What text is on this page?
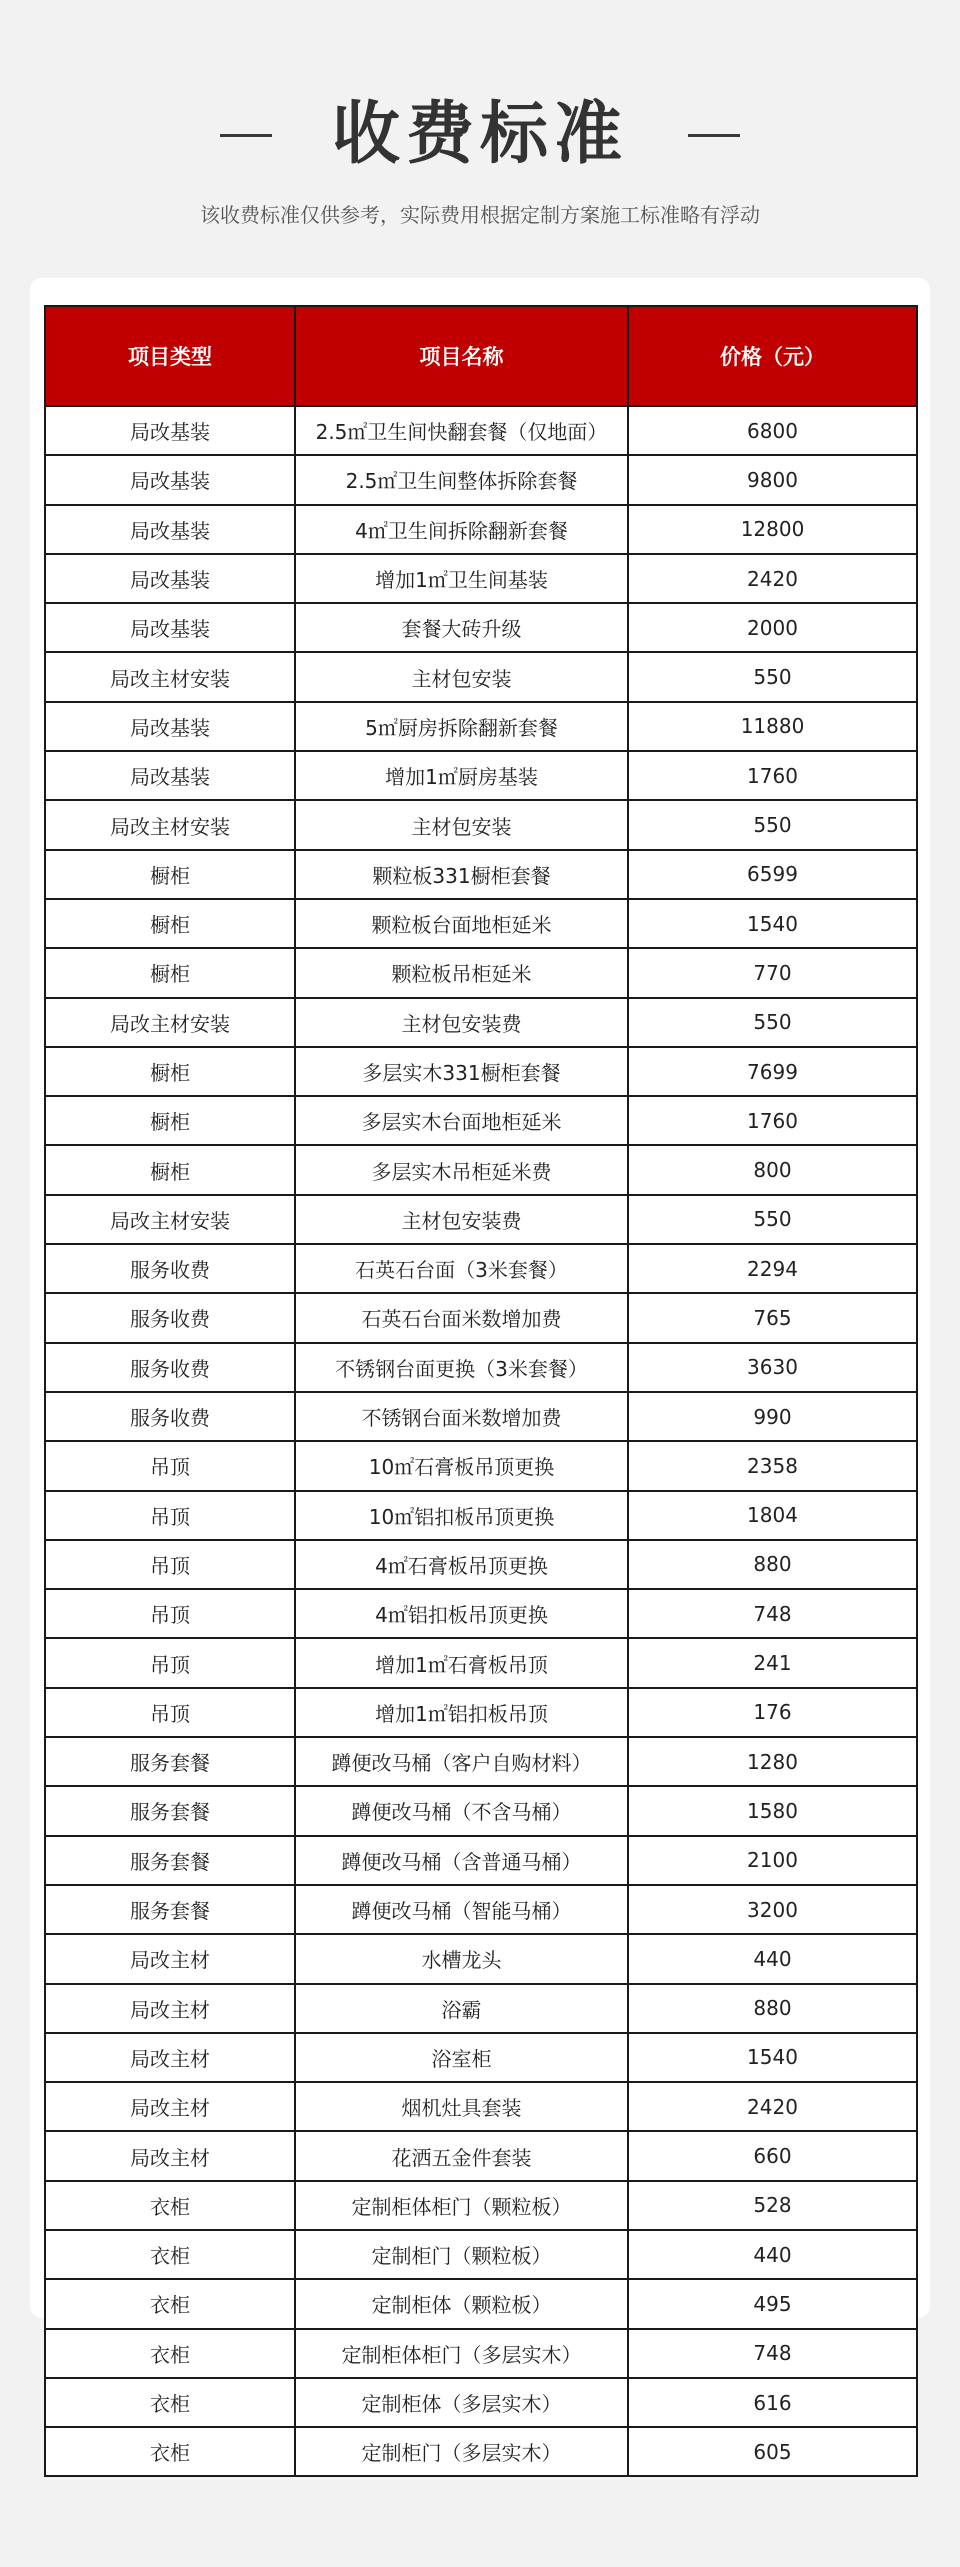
收费标准
该收费标准仅供参考，实际费用根据定制方案施工标准略有浮动
项目类型	项目名称	价格（元）
局改基装	2.5㎡卫生间快翻套餐（仅地面）	6800
局改基装	2.5㎡卫生间整体拆除套餐	9800
局改基装	4㎡卫生间拆除翻新套餐	12800
局改基装	增加1㎡卫生间基装	2420
局改基装	套餐大砖升级	2000
局改主材安装	主材包安装	550
局改基装	5㎡厨房拆除翻新套餐	11880
局改基装	增加1㎡厨房基装	1760
局改主材安装	主材包安装	550
橱柜	颗粒板331橱柜套餐	6599
橱柜	颗粒板台面地柜延米	1540
橱柜	颗粒板吊柜延米	770
局改主材安装	主材包安装费	550
橱柜	多层实木331橱柜套餐	7699
橱柜	多层实木台面地柜延米	1760
橱柜	多层实木吊柜延米费	800
局改主材安装	主材包安装费	550
服务收费	石英石台面（3米套餐）	2294
服务收费	石英石台面米数增加费	765
服务收费	不锈钢台面更换（3米套餐）	3630
服务收费	不锈钢台面米数增加费	990
吊顶	10㎡石膏板吊顶更换	2358
吊顶	10㎡铝扣板吊顶更换	1804
吊顶	4㎡石膏板吊顶更换	880
吊顶	4㎡铝扣板吊顶更换	748
吊顶	增加1㎡石膏板吊顶	241
吊顶	增加1㎡铝扣板吊顶	176
服务套餐	蹲便改马桶（客户自购材料）	1280
服务套餐	蹲便改马桶（不含马桶）	1580
服务套餐	蹲便改马桶（含普通马桶）	2100
服务套餐	蹲便改马桶（智能马桶）	3200
局改主材	水槽龙头	440
局改主材	浴霸	880
局改主材	浴室柜	1540
局改主材	烟机灶具套装	2420
局改主材	花洒五金件套装	660
衣柜	定制柜体柜门（颗粒板）	528
衣柜	定制柜门（颗粒板）	440
衣柜	定制柜体（颗粒板）	495
衣柜	定制柜体柜门（多层实木）	748
衣柜	定制柜体（多层实木）	616
衣柜	定制柜门（多层实木）	605
